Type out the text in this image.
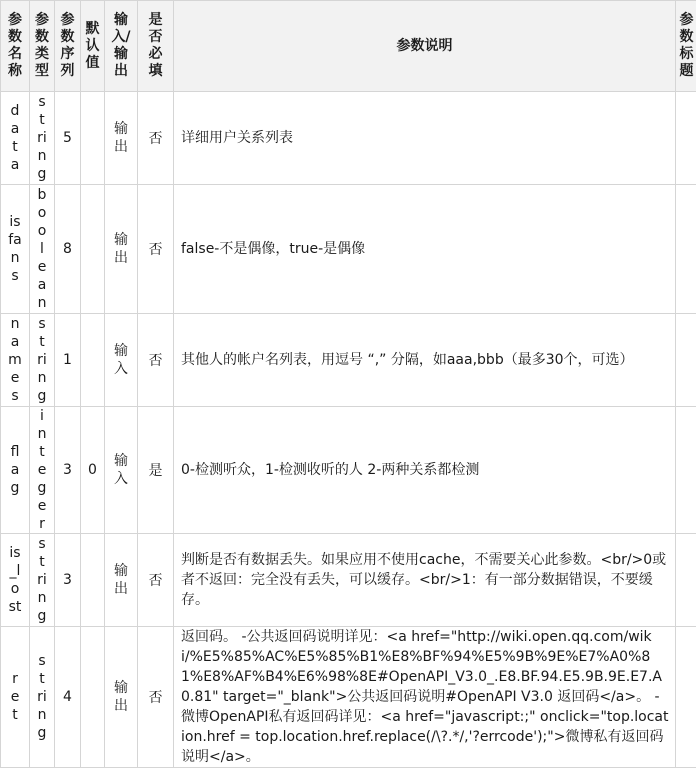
参数名称	参数类型	参数序列	默认值	输入/输出	是否必填	参数说明	参数标题
data	string	5		输出	否	详细用户关系列表	
isfans	boolean	8		输出	否	false-不是偶像，true-是偶像	
names	string	1		输入	否	其他人的帐户名列表，用逗号 “,” 分隔，如aaa,bbb（最多30个，可选）	
flag	integer	3	0	输入	是	0-检测听众，1-检测收听的人 2-两种关系都检测	
is_lost	string	3		输出	否	判断是否有数据丢失。如果应用不使用cache，不需要关心此参数。<br/>0或者不返回：完全没有丢失，可以缓存。<br/>1：有一部分数据错误，不要缓存。	
ret	string	4		输出	否	返回码。 -公共返回码说明详见：<a href="http://wiki.open.qq.com/wiki/%E5%85%AC%E5%85%B1%E8%BF%94%E5%9B%9E%E7%A0%81%E8%AF%B4%E6%98%8E#OpenAPI_V3.0_.E8.BF.94.E5.9B.9E.E7.A0.81" target="_blank">公共返回码说明#OpenAPI V3.0 返回码</a>。 -微博OpenAPI私有返回码详见：<a href="javascript:;" onclick="top.location.href = top.location.href.replace(/\?.*/,'?errcode');">微博私有返回码说明</a>。	
